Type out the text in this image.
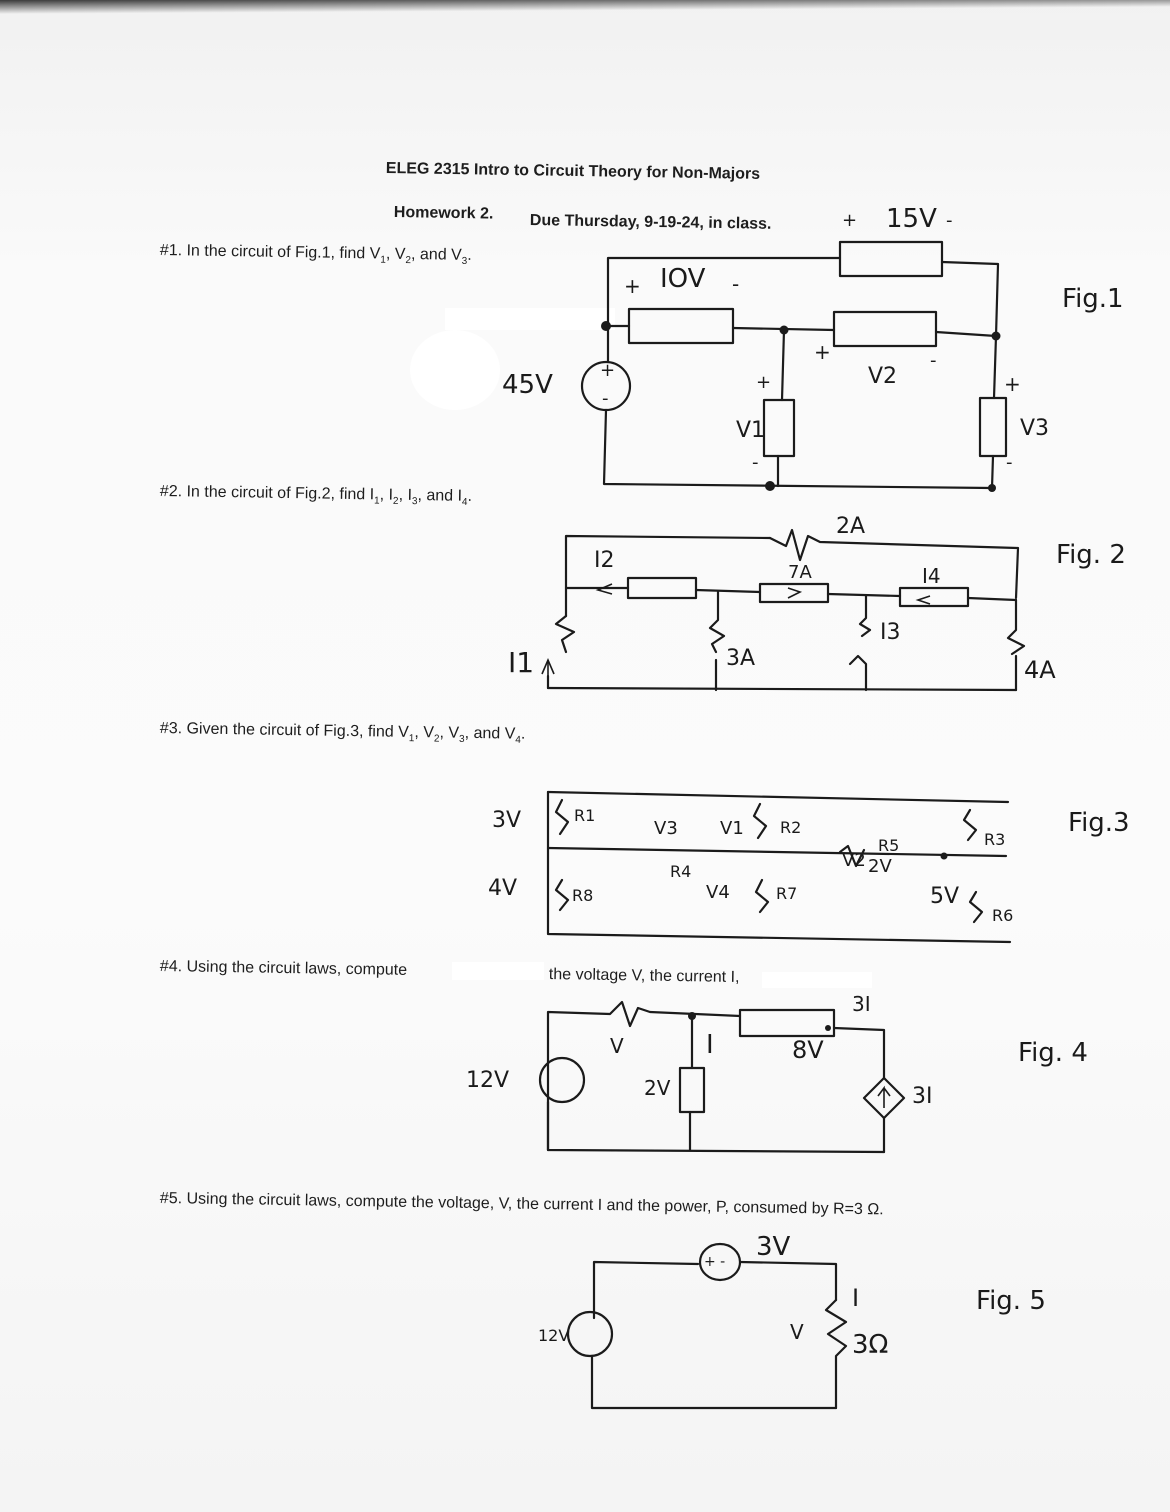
ELEG 2315 Intro to Circuit Theory for Non-Majors
Homework 2. Due Thursday, 9-19-24, in class.
#1. In the circuit of Fig.1, find $V_1$, $V_2$, and $V_3$.
#2. In the circuit of Fig.2, find $I_1$, $I_2$, $I_3$, and $I_4$.
#3. Given the circuit of Fig.3, find $V_1$, $V_2$, $V_3$, and $V_4$.
#4. Using the circuit laws, compute	the voltage V, the current I,
#5. Using the circuit laws, compute the voltage, V, the current I and the power, P, consumed by R=3 Ω.
Fig.1
45V	+
-
+ 15V -
+ IOV -
+
V2
-
+
V1
-
+
V3
-
Fig. 2
2A
7A
3A	4A
I1
I2
I3
I4
Fig.3
3V
4V
2V
5V
R1
R2
R3
R4
R5
R6
R7
R8
V1
V2
V3
V4
Fig. 4
12V
V	I	8V
2V
3I
3I
Fig. 5
12V
3V
+ -
I
V 3Ω
